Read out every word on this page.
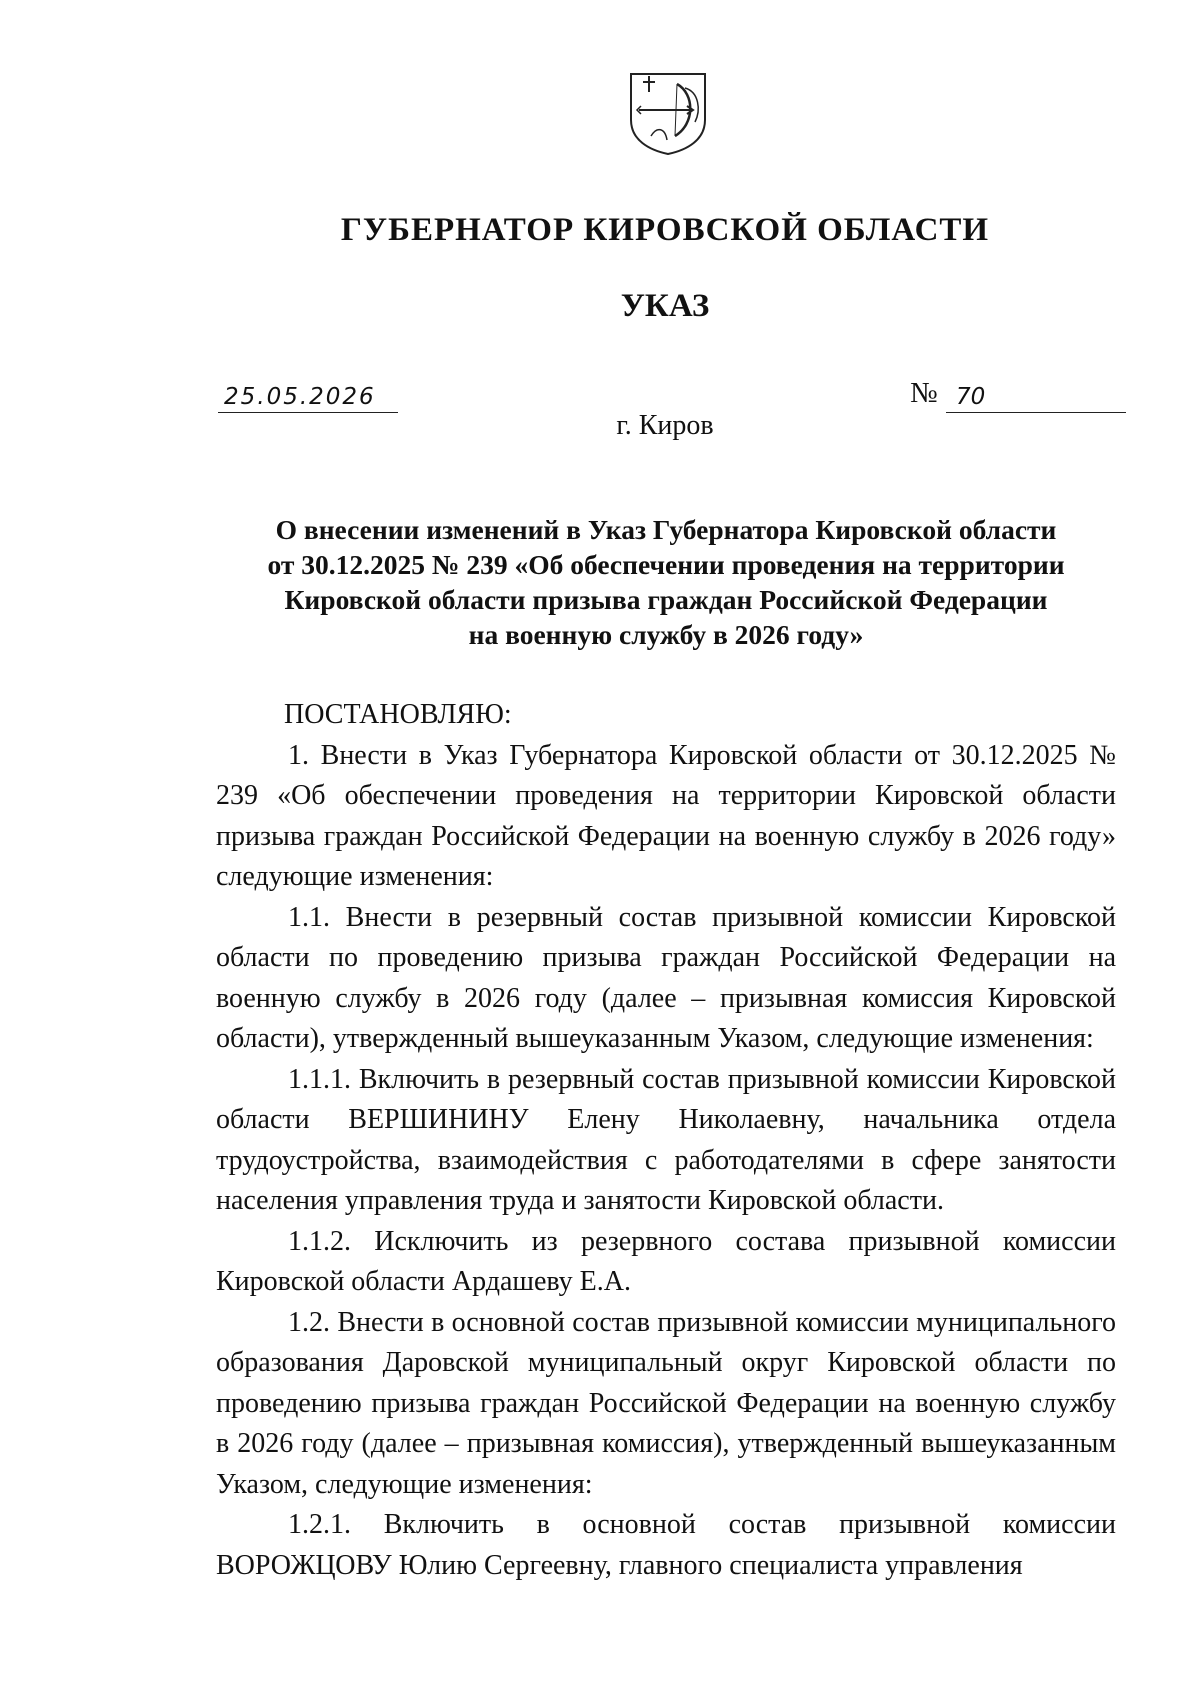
ГУБЕРНАТОР КИРОВСКОЙ ОБЛАСТИ
УКАЗ
25.05.2026	№ 70

г. Киров

О внесении изменений в Указ Губернатора Кировской области
от 30.12.2025 № 239 «Об обеспечении проведения на территории
Кировской области призыва граждан Российской Федерации
на военную службу в 2026 году»

ПОСТАНОВЛЯЮ:

1. Внести в Указ Губернатора Кировской области от 30.12.2025 № 239 «Об обеспечении проведения на территории Кировской области призыва граждан Российской Федерации на военную службу в 2026 году» следующие изменения:

1.1. Внести в резервный состав призывной комиссии Кировской области по проведению призыва граждан Российской Федерации на военную службу в 2026 году (далее – призывная комиссия Кировской области), утвержденный вышеуказанным Указом, следующие изменения:

1.1.1. Включить в резервный состав призывной комиссии Кировской области ВЕРШИНИНУ Елену Николаевну, начальника отдела трудоустройства, взаимодействия с работодателями в сфере занятости населения управления труда и занятости Кировской области.

1.1.2. Исключить из резервного состава призывной комиссии Кировской области Ардашеву Е.А.

1.2. Внести в основной состав призывной комиссии муниципального образования Даровской муниципальный округ Кировской области по проведению призыва граждан Российской Федерации на военную службу в 2026 году (далее – призывная комиссия), утвержденный вышеуказанным Указом, следующие изменения:

1.2.1. Включить в основной состав призывной комиссии ВОРОЖЦОВУ Юлию Сергеевну, главного специалиста управления
